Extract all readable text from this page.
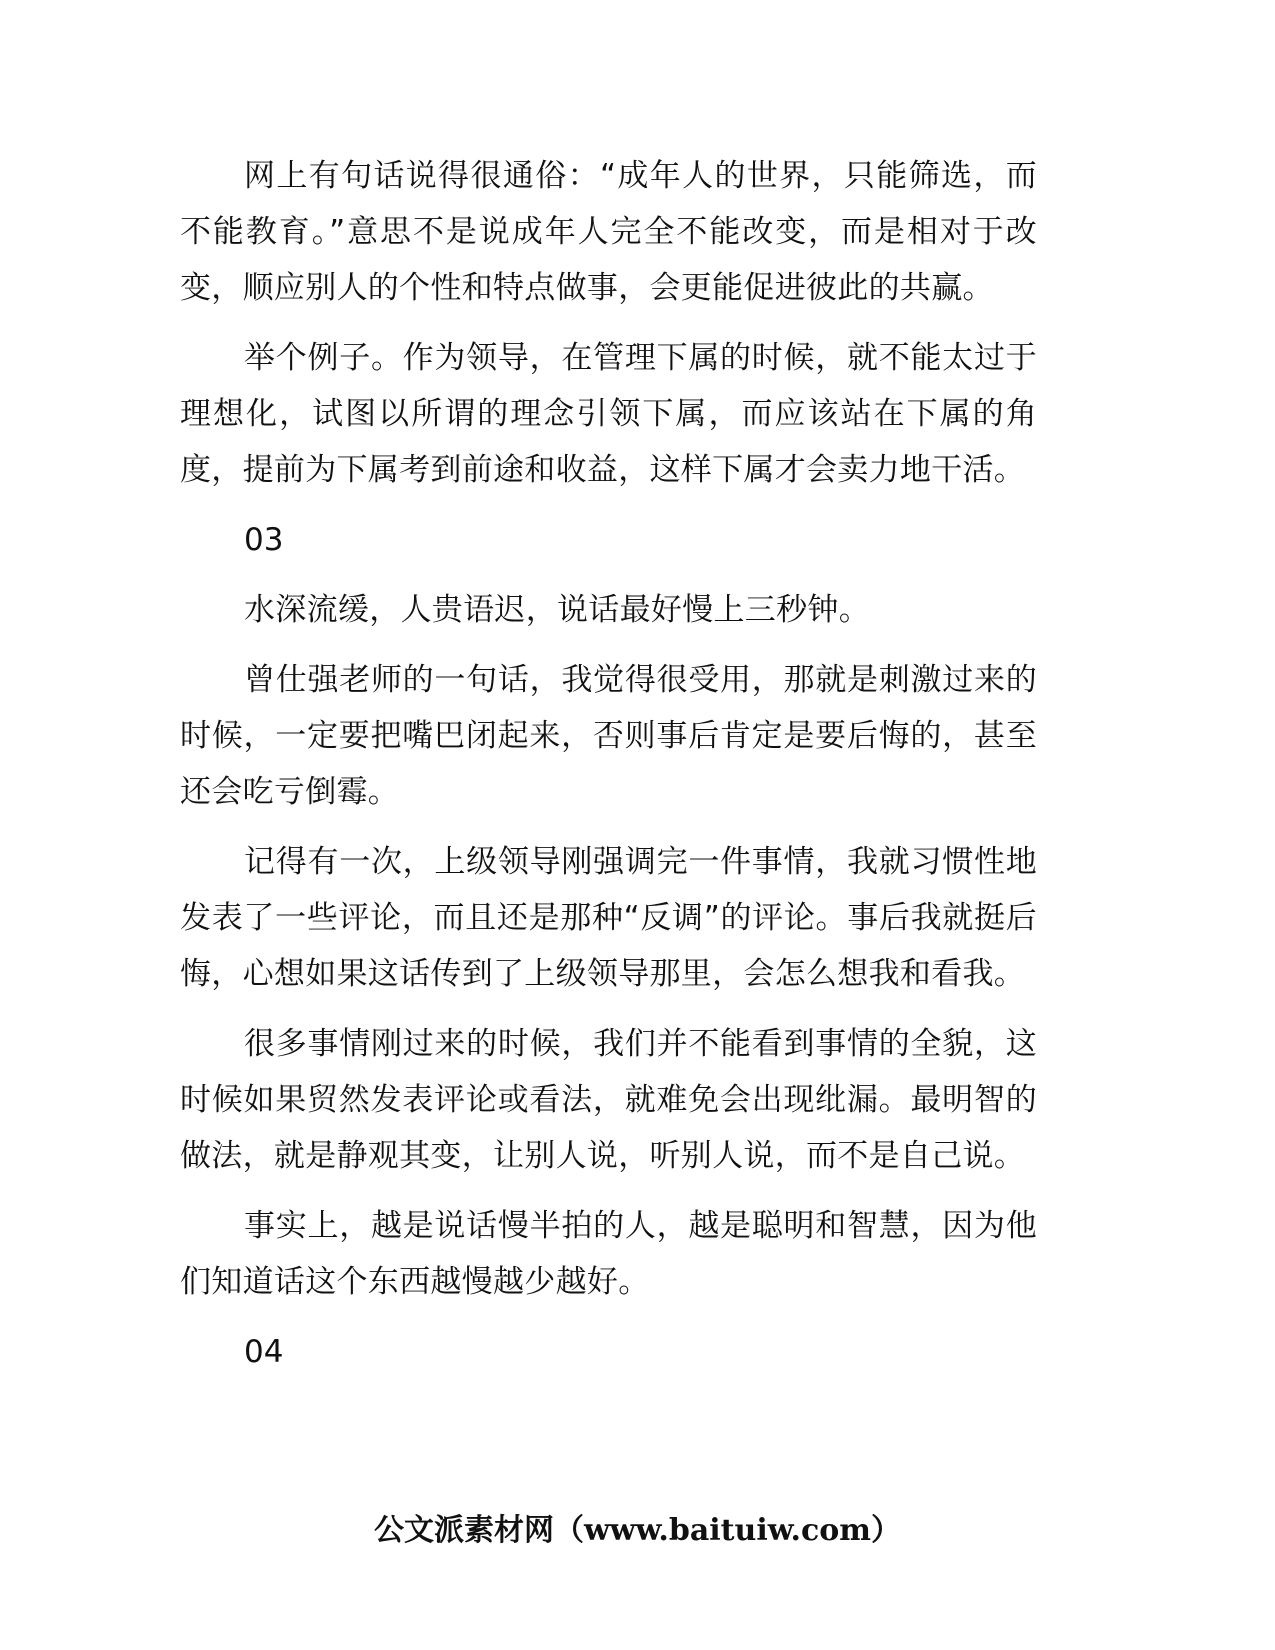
网上有句话说得很通俗：“成年人的世界，只能筛选，而不能教育。”意思不是说成年人完全不能改变，而是相对于改变，顺应别人的个性和特点做事，会更能促进彼此的共赢。

举个例子。作为领导，在管理下属的时候，就不能太过于理想化，试图以所谓的理念引领下属，而应该站在下属的角度，提前为下属考到前途和收益，这样下属才会卖力地干活。

03

水深流缓，人贵语迟，说话最好慢上三秒钟。

曾仕强老师的一句话，我觉得很受用，那就是刺激过来的时候，一定要把嘴巴闭起来，否则事后肯定是要后悔的，甚至还会吃亏倒霉。

记得有一次，上级领导刚强调完一件事情，我就习惯性地发表了一些评论，而且还是那种“反调”的评论。事后我就挺后悔，心想如果这话传到了上级领导那里，会怎么想我和看我。

很多事情刚过来的时候，我们并不能看到事情的全貌，这时候如果贸然发表评论或看法，就难免会出现纰漏。最明智的做法，就是静观其变，让别人说，听别人说，而不是自己说。

事实上，越是说话慢半拍的人，越是聪明和智慧，因为他们知道话这个东西越慢越少越好。

04

公文派素材网（www.baituiw.com）
